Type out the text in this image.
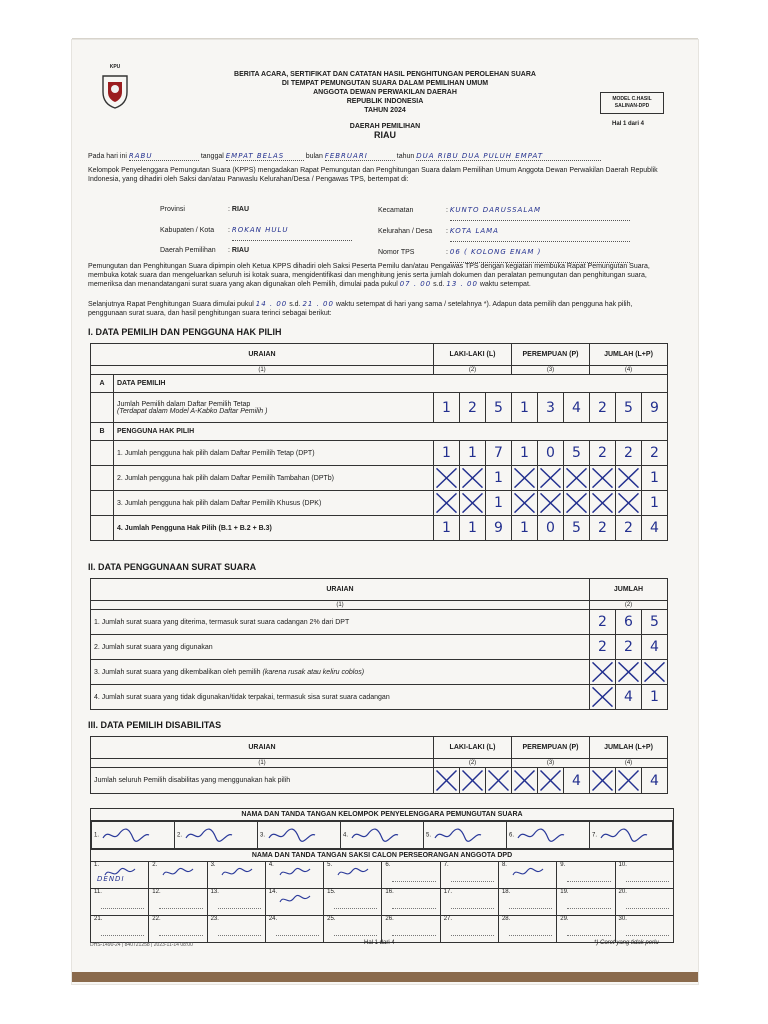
KPU
BERITA ACARA, SERTIFIKAT DAN CATATAN HASIL PENGHITUNGAN PEROLEHAN SUARA
DI TEMPAT PEMUNGUTAN SUARA DALAM PEMILIHAN UMUM
ANGGOTA DEWAN PERWAKILAN DAERAH
REPUBLIK INDONESIA
TAHUN 2024
DAERAH PEMILIHAN
RIAU
MODEL C.HASIL
SALINAN-DPD
Hal 1 dari 4
Pada hari ini RABU	tanggal EMPAT BELAS	bulan FEBRUARI	tahun DUA RIBU DUA PULUH EMPAT
Kelompok Penyelenggara Pemungutan Suara (KPPS) mengadakan Rapat Pemungutan dan Penghitungan Suara dalam Pemilihan Umum Anggota Dewan Perwakilan Daerah Republik Indonesia, yang dihadiri oleh Saksi dan/atau Panwaslu Kelurahan/Desa / Pengawas TPS, bertempat di:
Provinsi	: RIAU
Kabupaten / Kota : ROKAN HULU
Daerah Pemilihan : RIAU
Kecamatan	: KUNTO DARUSSALAM
Kelurahan / Desa : KOTA LAMA
Nomor TPS	: 06 ( KOLONG ENAM )
Pemungutan dan Penghitungan Suara dipimpin oleh Ketua KPPS dihadiri oleh Saksi Peserta Pemilu dan/atau Pengawas TPS dengan kegiatan membuka Rapat Pemungutan Suara, membuka kotak suara dan mengeluarkan seluruh isi kotak suara, mengidentifikasi dan menghitung jenis serta jumlah dokumen dan peralatan pemungutan dan penghitungan suara, memeriksa dan menandatangani surat suara yang akan digunakan oleh Pemilih, dimulai pada pukul 07 . 00 s.d. 13 . 00 waktu setempat.
Selanjutnya Rapat Penghitungan Suara dimulai pukul 14 . 00 s.d. 21 . 00 waktu setempat di hari yang sama / setelahnya *). Adapun data pemilih dan pengguna hak pilih, penggunaan surat suara, dan hasil penghitungan suara terinci sebagai berikut:
I. DATA PEMILIH DAN PENGGUNA HAK PILIH
URAIAN		LAKI-LAKI (L)			PEREMPUAN (P)			JUMLAH (L+P)		
(1)		(2)			(3)			(4)		
A	DATA PEMILIH									

	Jumlah Pemilih dalam Daftar Pemilih Tetap
(Terdapat dalam Model A-Kabko Daftar Pemilih )	1	2	5	1	3	4	2	5	9
B	PENGGUNA HAK PILIH									
	1. Jumlah pengguna hak pilih dalam Daftar Pemilih Tetap (DPT)	1	1	7	1	0	5	2	2	2
	2. Jumlah pengguna hak pilih dalam Daftar Pemilih Tambahan (DPTb)			1						1
	3. Jumlah pengguna hak pilih dalam Daftar Pemilih Khusus (DPK)			1						1
	4. Jumlah Pengguna Hak Pilih (B.1 + B.2 + B.3)	1	1	9	1	0	5	2	2	4
II. DATA PENGGUNAAN SURAT SUARA
URAIAN	JUMLAH		
(1)	(2)		
1. Jumlah surat suara yang diterima, termasuk surat suara cadangan 2% dari DPT	2	6	5
2. Jumlah surat suara yang digunakan	2	2	4
3. Jumlah surat suara yang dikembalikan oleh pemilih (karena rusak atau keliru coblos)	

4. Jumlah surat suara yang tidak digunakan/tidak terpakai, termasuk sisa surat suara cadangan		4	1
III. DATA PEMILIH DISABILITAS
URAIAN	LAKI-LAKI (L)			PEREMPUAN (P)			JUMLAH (L+P)		
(1)	(2)			(3)			(4)		
Jumlah seluruh Pemilih disabilitas yang menggunakan hak pilih						4			4
NAMA DAN TANDA TANGAN KELOMPOK PENYELENGGARA PEMUNGUTAN SUARA

1.	2.	3.	4.	5.	6.	7.

NAMA DAN TANDA TANGAN SAKSI CALON PERSEORANGAN ANGGOTA DPD
1.
DENDI
	2.	3.	4.	5.	6.	7.	8.	9.	10.

11.	12.	13.	14.	15.	16.	17.	18.	19.	20.

21.	22.	23.	24.	25.	26.	27.	28.	29.	30.
DHS-1490-24 | 840721258 | 2023-11-14 08:00	Hal 1 dari 4	*) Coret yang tidak perlu
